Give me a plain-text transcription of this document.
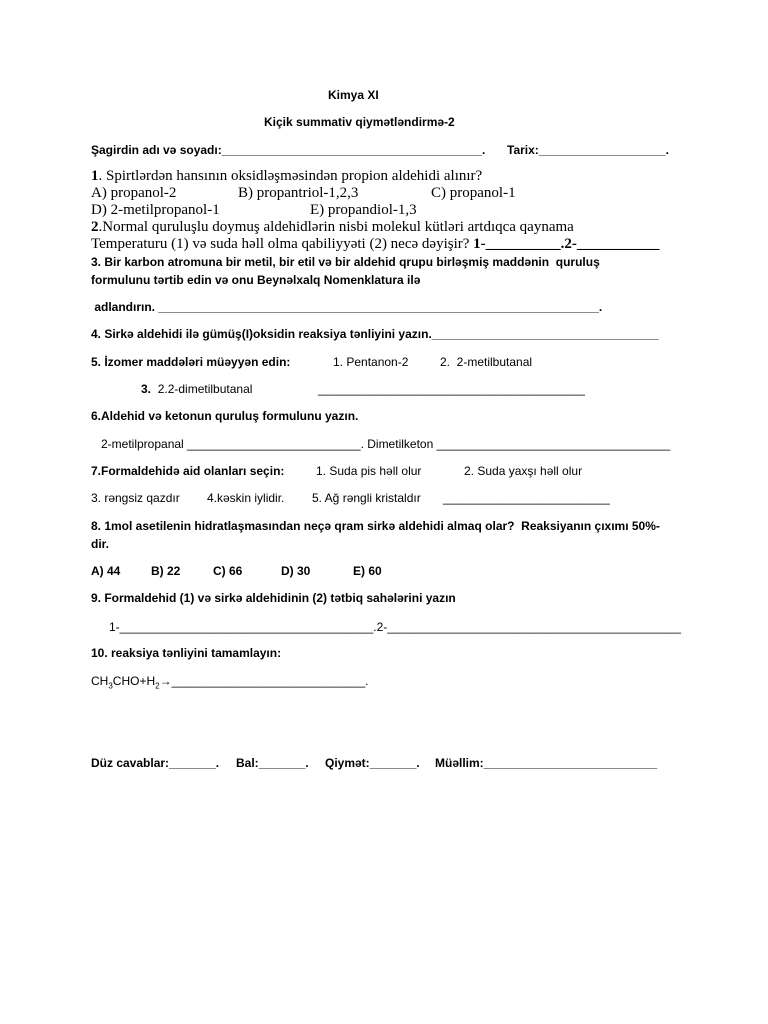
Kimya XI
Kiçik summativ qiymətləndirmə-2
Şagirdin adı və soyadı:_______________________________________. Tarix:___________________.
1. Spirtlərdən hansının oksidləşməsindən propion aldehidi alınır?
A) propanol-2	B) propantriol-1,2,3	C) propanol-1
D) 2-metilpropanol-1	E) propandiol-1,3
2.Normal quruluşlu doymuş aldehidlərin nisbi molekul kütləri artdıqca qaynama
Temperaturu (1) və suda həll olma qabiliyyəti (2) necə dəyişir? 1-__________.2-___________
3. Bir karbon atromuna bir metil, bir etil və bir aldehid qrupu birləşmiş maddənin  quruluş
formulunu tərtib edin və onu Beynəlxalq Nomenklatura ilə
adlandırın. __________________________________________________________________.
4. Sirkə aldehidi ilə gümüş(I)oksidin reaksiya tənliyini yazın.__________________________________
5. İzomer maddələri müəyyən edin:	1. Pentanon-2	2.  2-metilbutanal
3. 2.2-dimetilbutanal	________________________________________
6.Aldehid və ketonun quruluş formulunu yazın.
2-metilpropanal __________________________. Dimetilketon ___________________________________
7.Formaldehidə aid olanları seçin:	1. Suda pis həll olur	2. Suda yaxşı həll olur
3. rəngsiz qazdır 4.kəskin iylidir. 5. Ağ rəngli kristaldır _________________________
8. 1mol asetilenin hidratlaşmasından neçə qram sirkə aldehidi almaq olar?  Reaksiyanın çıxımı 50%-
dir.
A) 44	B) 22	C) 66	D) 30	E) 60
9. Formaldehid (1) və sirkə aldehidinin (2) tətbiq sahələrini yazın
1-______________________________________.2-____________________________________________
10. reaksiya tənliyini tamamlayın:
$CH_3CHO+H_2\to\_\_\_\_\_\_\_\_\_\_\_\_\_\_\_\_\_\_\_\_\_\_\_\_\_\_\_\_\_$.
Düz cavablar:_______. Bal:_______. Qiymət:_______. Müəllim:__________________________
